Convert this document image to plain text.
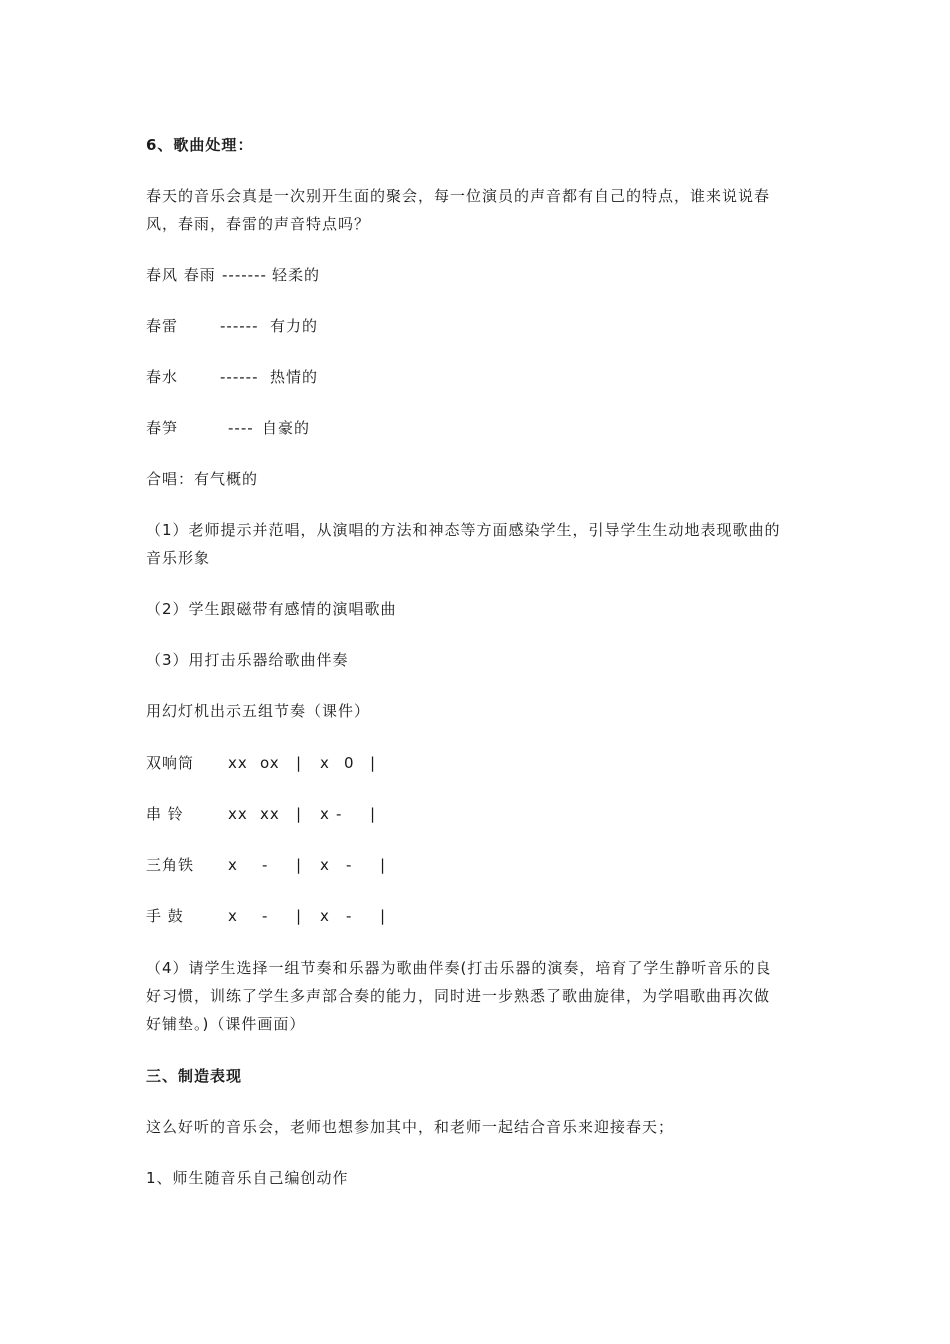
6、歌曲处理：
春天的音乐会真是一次别开生面的聚会，每一位演员的声音都有自己的特点，谁来说说春
风，春雨，春雷的声音特点吗？
春风 春雨 ------- 轻柔的
春雷	------ 有力的
春水	------ 热情的
春笋	---- 自豪的
合唱：有气概的
（1）老师提示并范唱，从演唱的方法和神态等方面感染学生，引导学生生动地表现歌曲的
音乐形象
（2）学生跟磁带有感情的演唱歌曲
（3）用打击乐器给歌曲伴奏
用幻灯机出示五组节奏（课件）
双响筒 xx ox | x 0 |
串 铃	xx xx | x - |
三角铁 x - | x - |
手 鼓	x - | x - |
（4）请学生选择一组节奏和乐器为歌曲伴奏(打击乐器的演奏，培育了学生静听音乐的良
好习惯，训练了学生多声部合奏的能力，同时进一步熟悉了歌曲旋律，为学唱歌曲再次做
好铺垫。)（课件画面）
三、制造表现
这么好听的音乐会，老师也想参加其中，和老师一起结合音乐来迎接春天；
1、师生随音乐自己编创动作
